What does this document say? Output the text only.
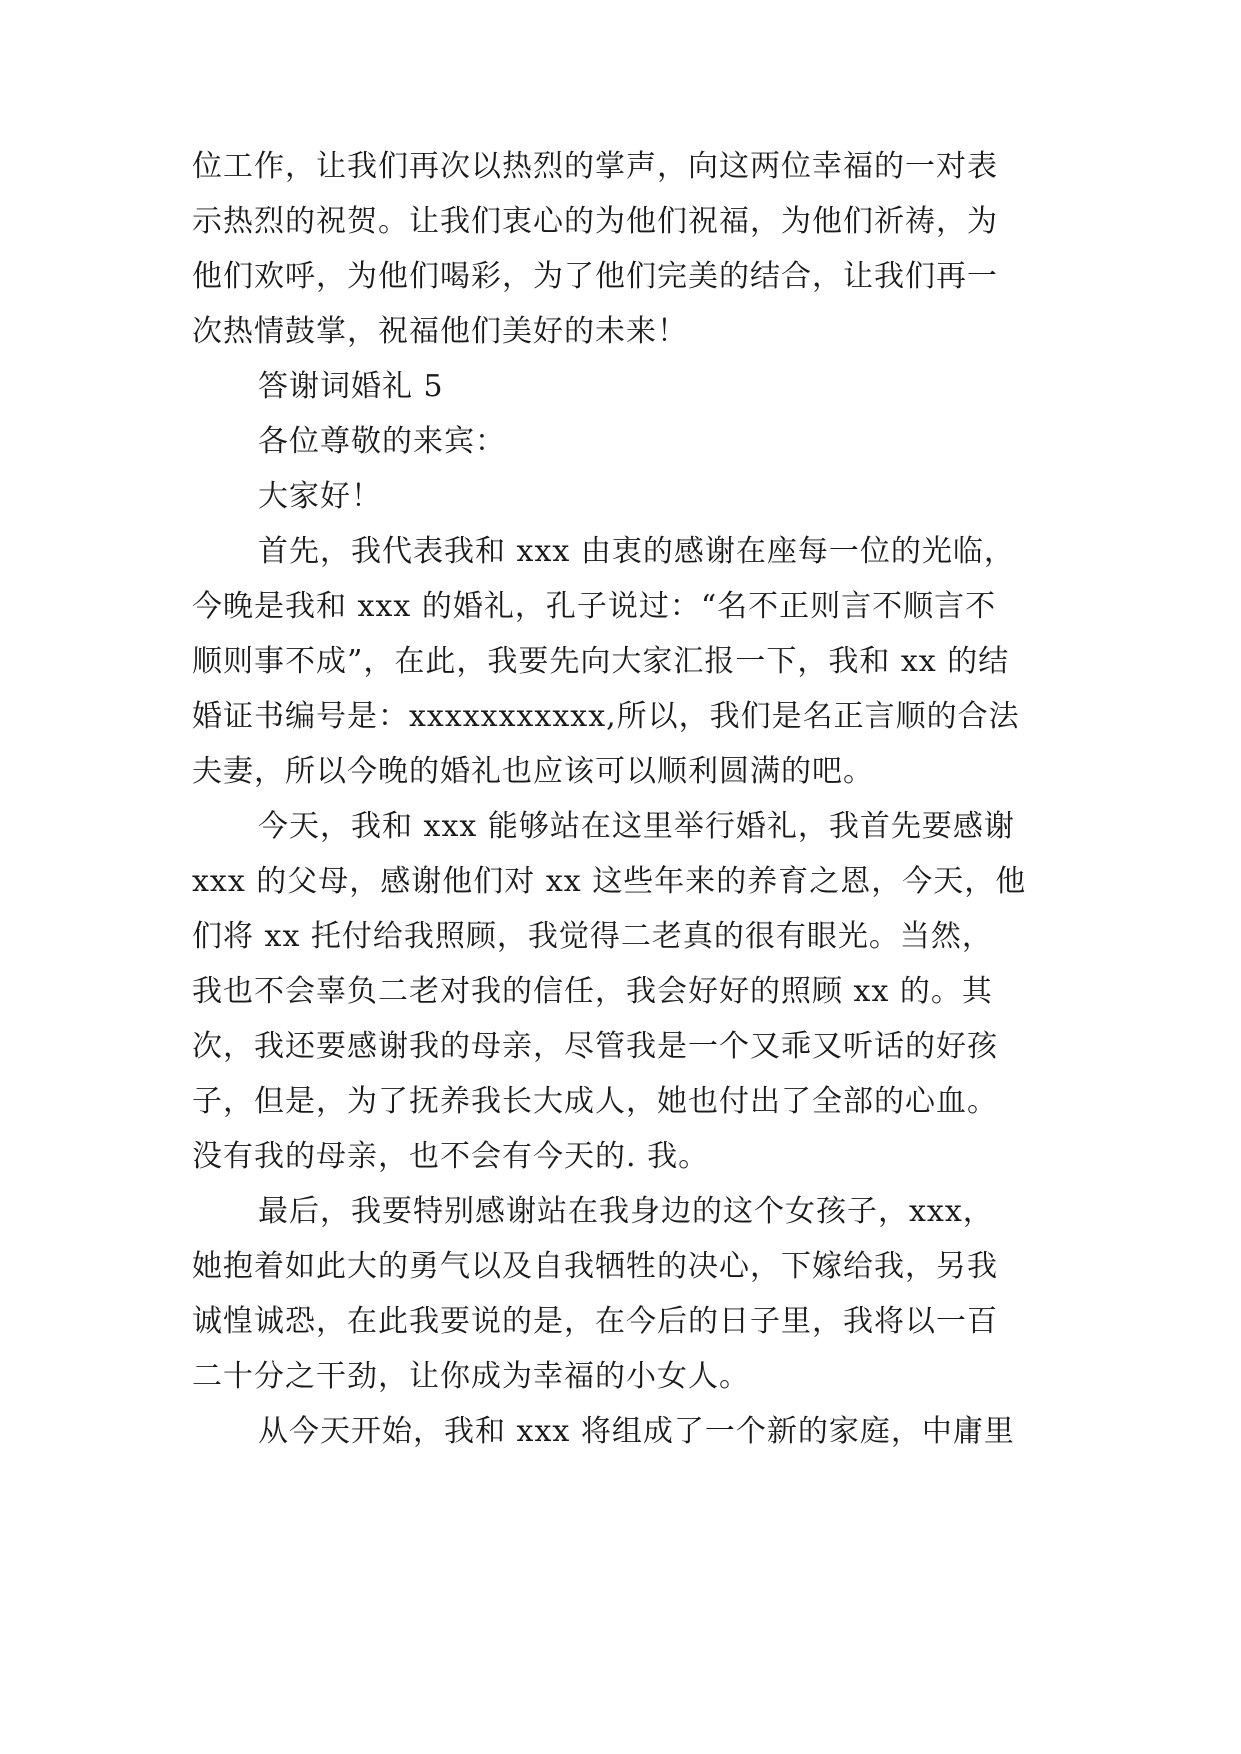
位工作，让我们再次以热烈的掌声，向这两位幸福的一对表
示热烈的祝贺。让我们衷心的为他们祝福，为他们祈祷，为
他们欢呼，为他们喝彩，为了他们完美的结合，让我们再一
次热情鼓掌，祝福他们美好的未来！
答谢词婚礼 5
各位尊敬的来宾：
大家好！
首先，我代表我和 xxx 由衷的感谢在座每一位的光临，
今晚是我和 xxx 的婚礼，孔子说过：“名不正则言不顺言不
顺则事不成”，在此，我要先向大家汇报一下，我和 xx 的结
婚证书编号是：xxxxxxxxxxx,所以，我们是名正言顺的合法
夫妻，所以今晚的婚礼也应该可以顺利圆满的吧。
今天，我和 xxx 能够站在这里举行婚礼，我首先要感谢
xxx 的父母，感谢他们对 xx 这些年来的养育之恩，今天，他
们将 xx 托付给我照顾，我觉得二老真的很有眼光。当然，
我也不会辜负二老对我的信任，我会好好的照顾 xx 的。其
次，我还要感谢我的母亲，尽管我是一个又乖又听话的好孩
子，但是，为了抚养我长大成人，她也付出了全部的心血。
没有我的母亲，也不会有今天的. 我。
最后，我要特别感谢站在我身边的这个女孩子，xxx，
她抱着如此大的勇气以及自我牺牲的决心，下嫁给我，另我
诚惶诚恐，在此我要说的是，在今后的日子里，我将以一百
二十分之干劲，让你成为幸福的小女人。
从今天开始，我和 xxx 将组成了一个新的家庭，中庸里
